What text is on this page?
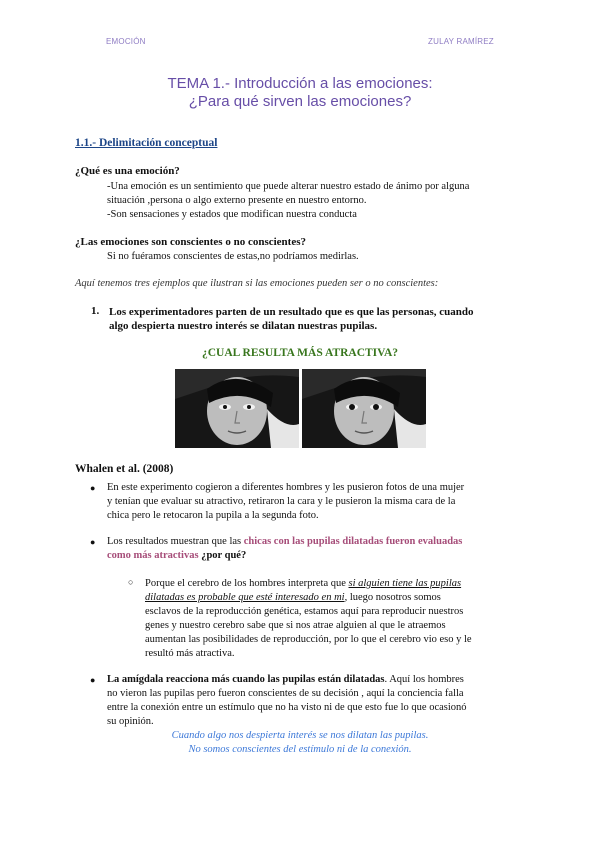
EMOCIÓN	ZULAY RAMÍREZ
TEMA 1.- Introducción a las emociones:
¿Para qué sirven las emociones?
1.1.- Delimitación conceptual
¿Qué es una emoción?
-Una emoción es un sentimiento que puede alterar nuestro estado de ánimo por alguna
situación ,persona o algo externo presente en nuestro entorno.
-Son sensaciones y estados que modifican nuestra conducta
¿Las emociones son conscientes o no conscientes?
Si no fuéramos conscientes de estas,no podríamos medirlas.
Aquí tenemos tres ejemplos que ilustran si las emociones pueden ser o no conscientes:
1. Los experimentadores parten de un resultado que es que las personas, cuando
algo despierta nuestro interés se dilatan nuestras pupilas.
¿CUAL RESULTA MÁS ATRACTIVA?
Whalen et al. (2008)
● En este experimento cogieron a diferentes hombres y les pusieron fotos de una mujer
y tenían que evaluar su atractivo, retiraron la cara y le pusieron la misma cara de la
chica pero le retocaron la pupila a la segunda foto.
● Los resultados muestran que las chicas con las pupilas dilatadas fueron evaluadas
como más atractivas ¿por qué?
○ Porque el cerebro de los hombres interpreta que si alguien tiene las pupilas
dilatadas es probable que esté interesado en mi, luego nosotros somos
esclavos de la reproducción genética, estamos aquí para reproducir nuestros
genes y nuestro cerebro sabe que si nos atrae alguien al que le atraemos
aumentan las posibilidades de reproducción, por lo que el cerebro vio eso y le
resultó más atractiva.
● La amígdala reacciona más cuando las pupilas están dilatadas. Aquí los hombres
no vieron las pupilas pero fueron conscientes de su decisión , aquí la conciencia falla
entre la conexión entre un estímulo que no ha visto ni de que esto fue lo que ocasionó
su opinión.
Cuando algo nos despierta interés se nos dilatan las pupilas.
No somos conscientes del estímulo ni de la conexión.
